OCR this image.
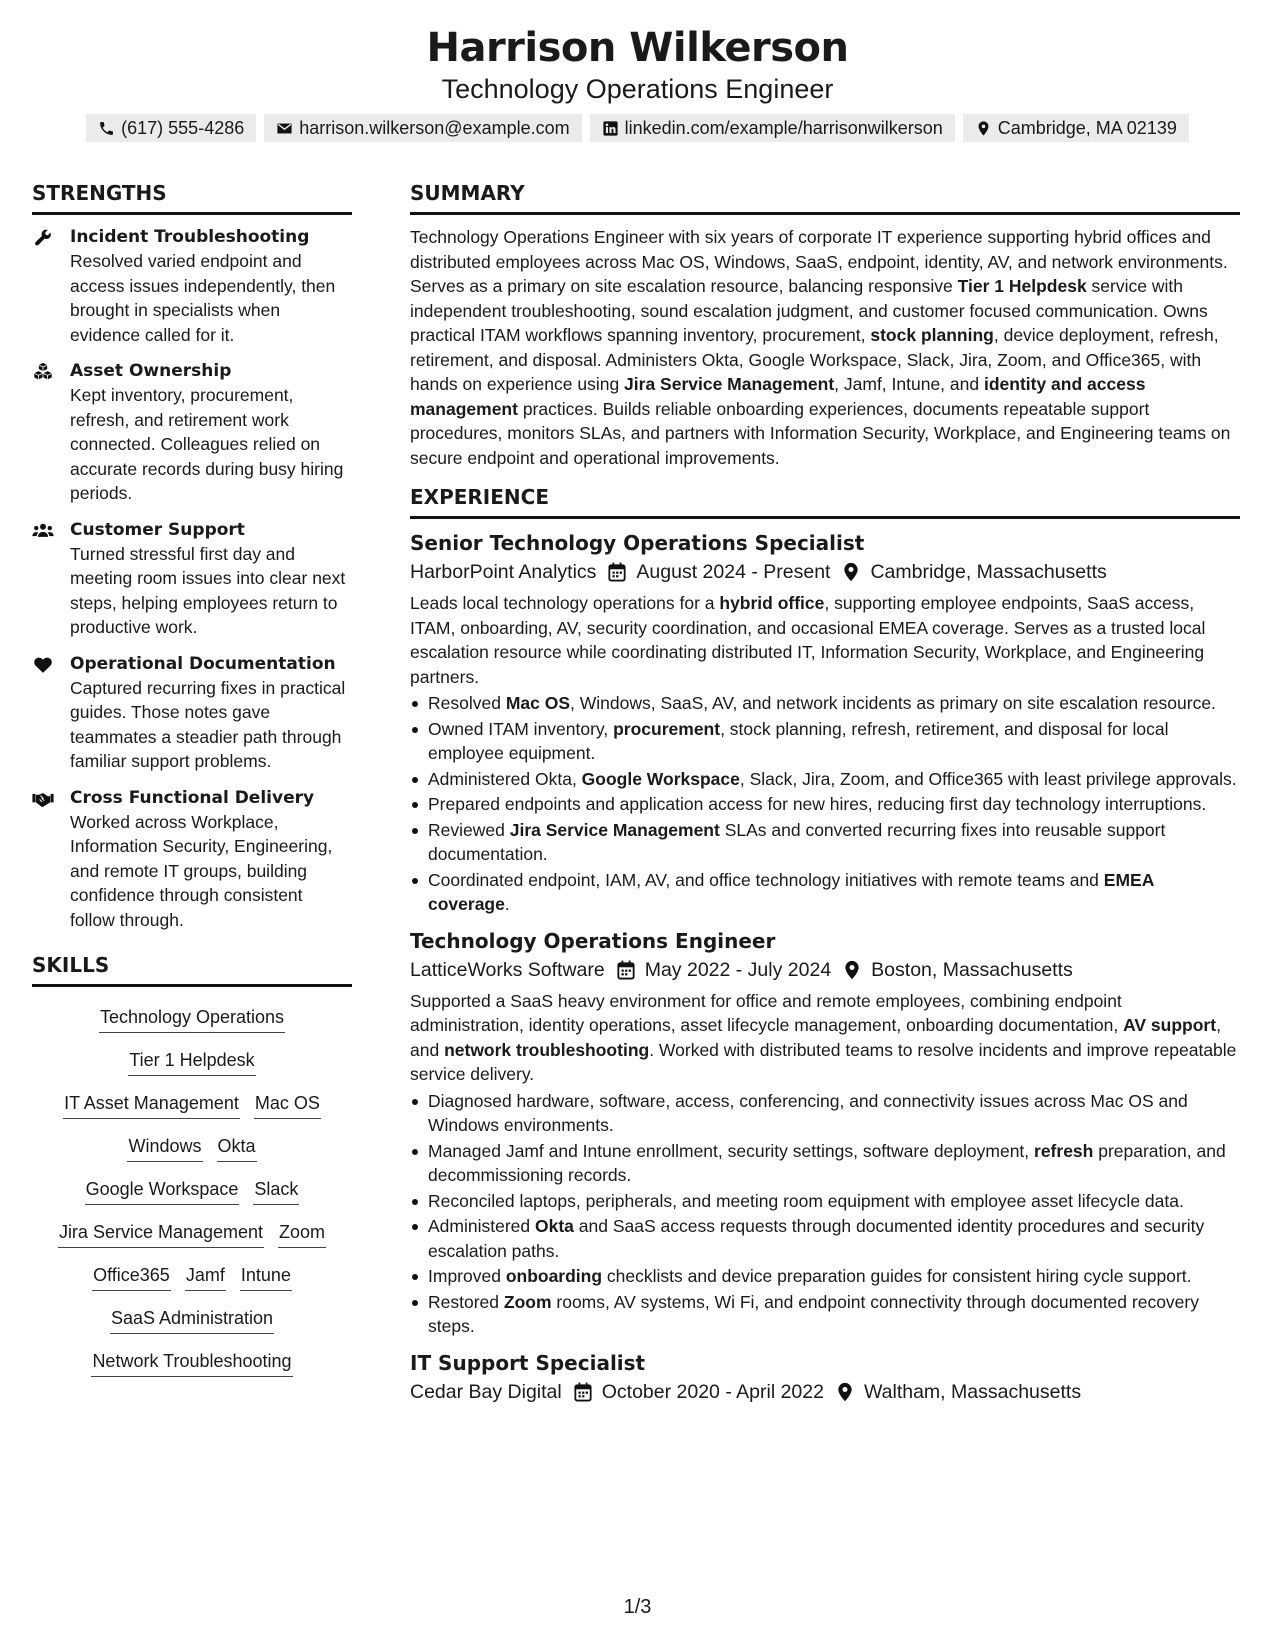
Harrison Wilkerson
Technology Operations Engineer
(617) 555-4286	harrison.wilkerson@example.com	linkedin.com/example/harrisonwilkerson	Cambridge, MA 02139
STRENGTHS
Incident Troubleshooting
Resolved varied endpoint and access issues independently, then brought in specialists when evidence called for it.
Asset Ownership
Kept inventory, procurement, refresh, and retirement work connected. Colleagues relied on accurate records during busy hiring periods.
Customer Support
Turned stressful first day and meeting room issues into clear next steps, helping employees return to productive work.
Operational Documentation
Captured recurring fixes in practical guides. Those notes gave teammates a steadier path through familiar support problems.
Cross Functional Delivery
Worked across Workplace, Information Security, Engineering, and remote IT groups, building confidence through consistent follow through.
SKILLS
Technology Operations
Tier 1 Helpdesk
IT Asset Management Mac OS
Windows Okta
Google Workspace Slack
Jira Service Management Zoom
Office365 Jamf Intune
SaaS Administration
Network Troubleshooting
SUMMARY
Technology Operations Engineer with six years of corporate IT experience supporting hybrid offices and distributed employees across Mac OS, Windows, SaaS, endpoint, identity, AV, and network environments. Serves as a primary on site escalation resource, balancing responsive Tier 1 Helpdesk service with independent troubleshooting, sound escalation judgment, and customer focused communication. Owns practical ITAM workflows spanning inventory, procurement, stock planning, device deployment, refresh, retirement, and disposal. Administers Okta, Google Workspace, Slack, Jira, Zoom, and Office365, with hands on experience using Jira Service Management, Jamf, Intune, and identity and access management practices. Builds reliable onboarding experiences, documents repeatable support procedures, monitors SLAs, and partners with Information Security, Workplace, and Engineering teams on secure endpoint and operational improvements.
EXPERIENCE
Senior Technology Operations Specialist
HarborPoint Analytics August 2024 - Present Cambridge, Massachusetts
Leads local technology operations for a hybrid office, supporting employee endpoints, SaaS access, ITAM, onboarding, AV, security coordination, and occasional EMEA coverage. Serves as a trusted local escalation resource while coordinating distributed IT, Information Security, Workplace, and Engineering partners.
Resolved Mac OS, Windows, SaaS, AV, and network incidents as primary on site escalation resource.
Owned ITAM inventory, procurement, stock planning, refresh, retirement, and disposal for local employee equipment.
Administered Okta, Google Workspace, Slack, Jira, Zoom, and Office365 with least privilege approvals.
Prepared endpoints and application access for new hires, reducing first day technology interruptions.
Reviewed Jira Service Management SLAs and converted recurring fixes into reusable support documentation.
Coordinated endpoint, IAM, AV, and office technology initiatives with remote teams and EMEA coverage.
Technology Operations Engineer
LatticeWorks Software May 2022 - July 2024 Boston, Massachusetts
Supported a SaaS heavy environment for office and remote employees, combining endpoint administration, identity operations, asset lifecycle management, onboarding documentation, AV support, and network troubleshooting. Worked with distributed teams to resolve incidents and improve repeatable service delivery.
Diagnosed hardware, software, access, conferencing, and connectivity issues across Mac OS and Windows environments.
Managed Jamf and Intune enrollment, security settings, software deployment, refresh preparation, and decommissioning records.
Reconciled laptops, peripherals, and meeting room equipment with employee asset lifecycle data.
Administered Okta and SaaS access requests through documented identity procedures and security escalation paths.
Improved onboarding checklists and device preparation guides for consistent hiring cycle support.
Restored Zoom rooms, AV systems, Wi Fi, and endpoint connectivity through documented recovery steps.
IT Support Specialist
Cedar Bay Digital October 2020 - April 2022 Waltham, Massachusetts
1/3
